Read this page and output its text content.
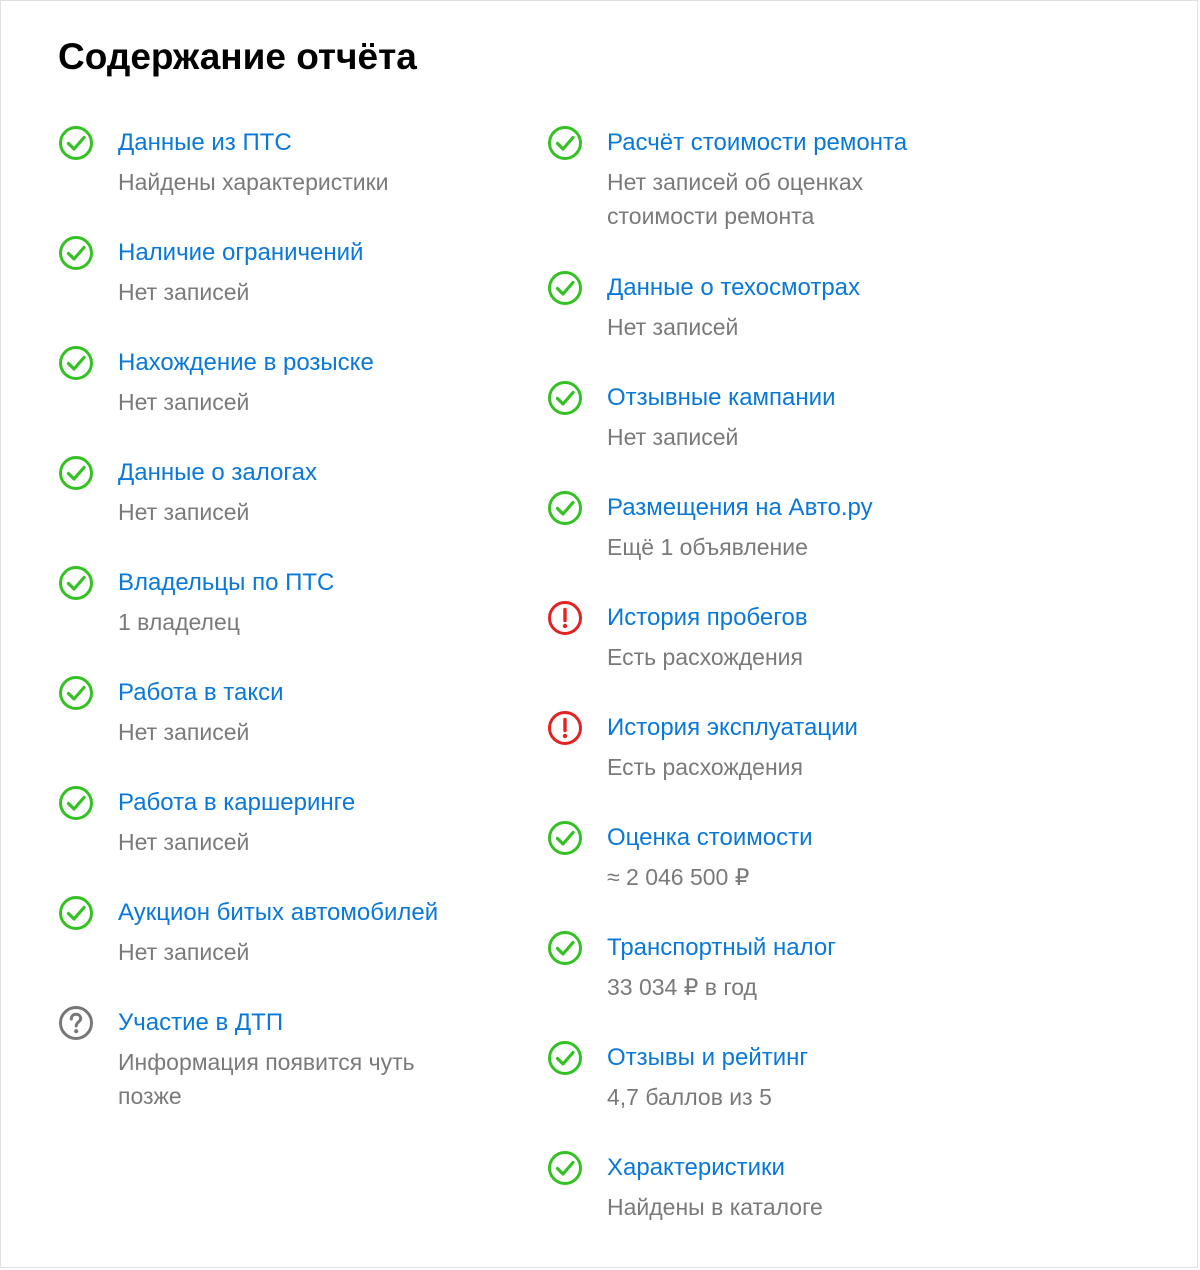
Содержание отчёта
Данные из ПТС
Найдены характеристики
Наличие ограничений
Нет записей
Нахождение в розыске
Нет записей
Данные о залогах
Нет записей
Владельцы по ПТС
1 владелец
Работа в такси
Нет записей
Работа в каршеринге
Нет записей
Аукцион битых автомобилей
Нет записей
Участие в ДТП
Информация появится чуть позже
Расчёт стоимости ремонта
Нет записей об оценках стоимости ремонта
Данные о техосмотрах
Нет записей
Отзывные кампании
Нет записей
Размещения на Авто.ру
Ещё 1 объявление
История пробегов
Есть расхождения
История эксплуатации
Есть расхождения
Оценка стоимости
≈ 2 046 500 ₽
Транспортный налог
33 034 ₽ в год
Отзывы и рейтинг
4,7 баллов из 5
Характеристики
Найдены в каталоге
